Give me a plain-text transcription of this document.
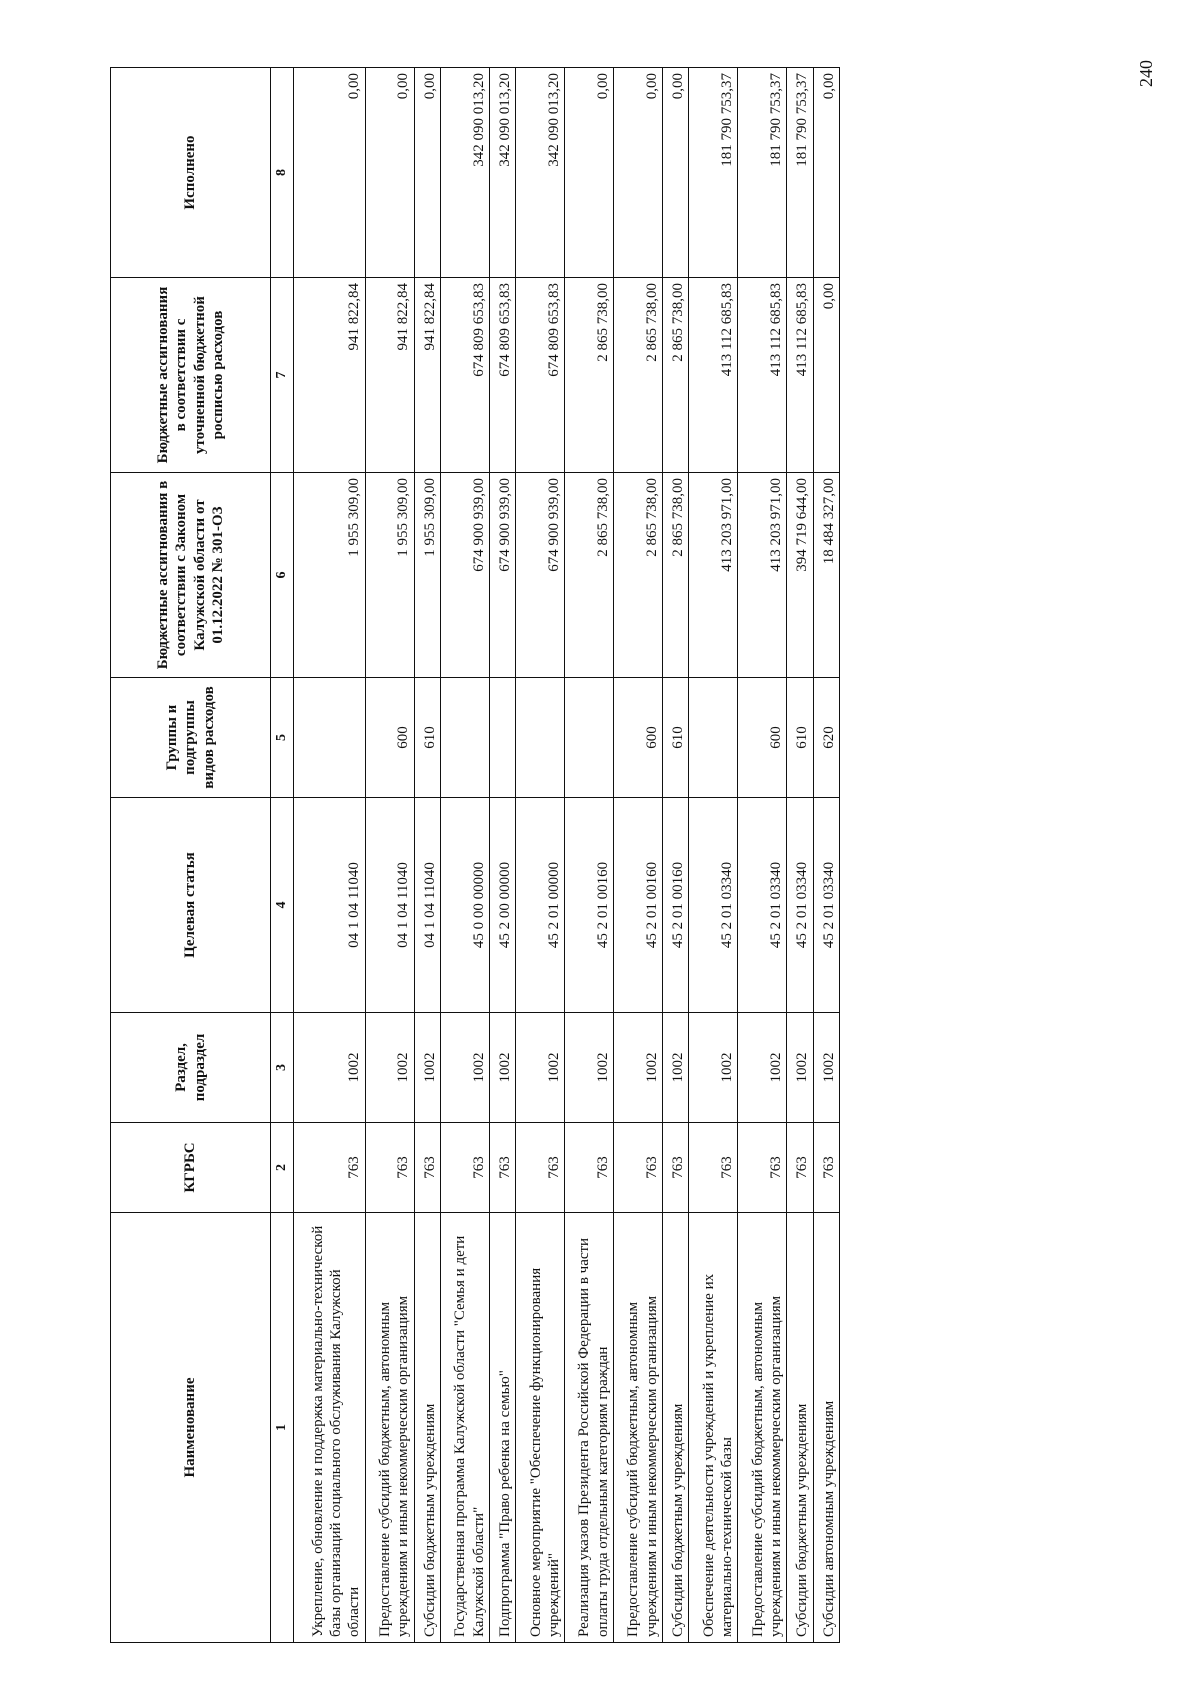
240
Наименование	КГРБС	Раздел, подраздел	Целевая статья	Группы и подгруппы видов расходов	Бюджетные ассигнования в соответствии с Законом Калужской области от 01.12.2022 № 301-ОЗ	Бюджетные ассигнования в соответствии с уточненной бюджетной росписью расходов	Исполнено
1	2	3	4	5	6	7	8
Укрепление, обновление и поддержка материально-технической базы организаций социального обслуживания Калужской области	763	1002	04 1 04 11040		1 955 309,00	941 822,84	0,00
Предоставление субсидий бюджетным, автономным учреждениям и иным некоммерческим организациям	763	1002	04 1 04 11040	600	1 955 309,00	941 822,84	0,00
Субсидии бюджетным учреждениям	763	1002	04 1 04 11040	610	1 955 309,00	941 822,84	0,00
Государственная программа Калужской области "Семья и дети Калужской области"	763	1002	45 0 00 00000		674 900 939,00	674 809 653,83	342 090 013,20
Подпрограмма "Право ребенка на семью"	763	1002	45 2 00 00000		674 900 939,00	674 809 653,83	342 090 013,20
Основное мероприятие "Обеспечение функционирования учреждений"	763	1002	45 2 01 00000		674 900 939,00	674 809 653,83	342 090 013,20
Реализация указов Президента Российской Федерации в части оплаты труда отдельным категориям граждан	763	1002	45 2 01 00160		2 865 738,00	2 865 738,00	0,00
Предоставление субсидий бюджетным, автономным учреждениям и иным некоммерческим организациям	763	1002	45 2 01 00160	600	2 865 738,00	2 865 738,00	0,00
Субсидии бюджетным учреждениям	763	1002	45 2 01 00160	610	2 865 738,00	2 865 738,00	0,00
Обеспечение деятельности учреждений и укрепление их материально-технической базы	763	1002	45 2 01 03340		413 203 971,00	413 112 685,83	181 790 753,37
Предоставление субсидий бюджетным, автономным учреждениям и иным некоммерческим организациям	763	1002	45 2 01 03340	600	413 203 971,00	413 112 685,83	181 790 753,37
Субсидии бюджетным учреждениям	763	1002	45 2 01 03340	610	394 719 644,00	413 112 685,83	181 790 753,37
Субсидии автономным учреждениям	763	1002	45 2 01 03340	620	18 484 327,00	0,00	0,00
